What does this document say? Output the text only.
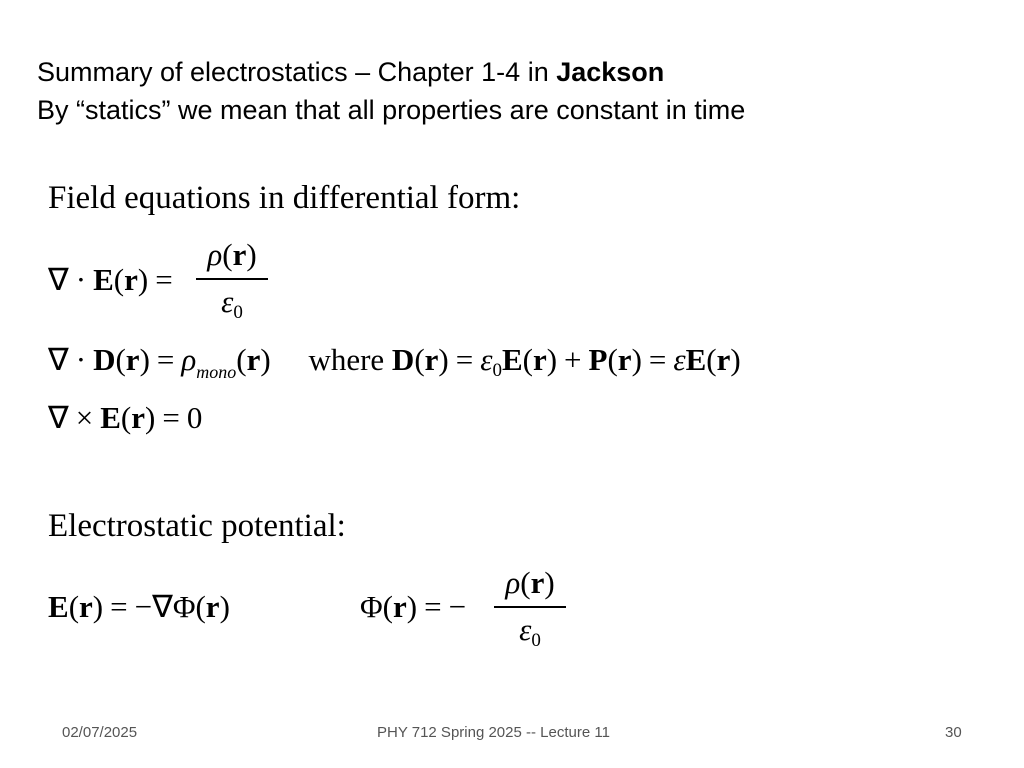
Summary of electrostatics – Chapter 1-4 in Jackson
By “statics” we mean that all properties are constant in time
Field equations in differential form:
∇ · E(r) =
ρ(r)
$\varepsilon_0$
∇ · $D(r) = \rho_{mono}(r)$ where $D(r) = \varepsilon_0E(r) + P(r) = \varepsilon E(r)$
∇ × E(r) = 0
Electrostatic potential:
E(r) = −∇Φ(r)	Φ(r) = −
ρ(r)
$\varepsilon_0$
02/07/2025	PHY 712 Spring 2025 -- Lecture 11	30
